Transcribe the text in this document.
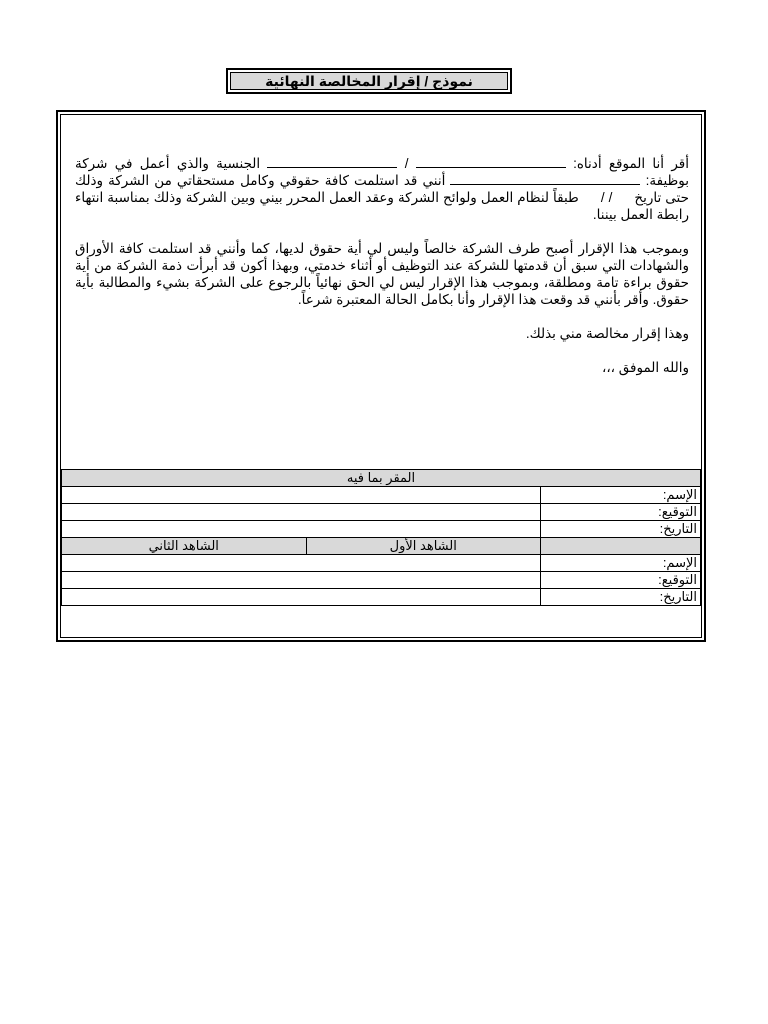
نموذج / إقرار المخالصة النهائية

أقر أنا الموقع أدناه:  /  الجنسية والذي أعمل في شركة بوظيفة:  أنني قد استلمت كافة حقوقي وكامل مستحقاتي من الشركة وذلك حتى تاريخ / / طبقاً لنظام العمل ولوائح الشركة وعقد العمل المحرر بيني وبين الشركة وذلك بمناسبة انتهاء رابطة العمل بيننا.

وبموجب هذا الإقرار أصبح طرف الشركة خالصاً وليس لي أية حقوق لديها، كما وأنني قد استلمت كافة الأوراق والشهادات التي سبق أن قدمتها للشركة عند التوظيف أو أثناء خدمتي، وبهذا أكون قد أبرأت ذمة الشركة من أية حقوق براءة تامة ومطلقة، وبموجب هذا الإقرار ليس لي الحق نهائياً بالرجوع على الشركة بشيء والمطالبة بأية حقوق. وأقر بأنني قد وقعت هذا الإقرار وأنا بكامل الحالة المعتبرة شرعاً.

وهذا إقرار مخالصة مني بذلك.

والله الموفق ،،،

المقر بما فيه		
الإسم:		
التوقيع:		
التاريخ:		
	الشاهد الأول	الشاهد الثاني
الإسم:		
التوقيع:		
التاريخ:		
